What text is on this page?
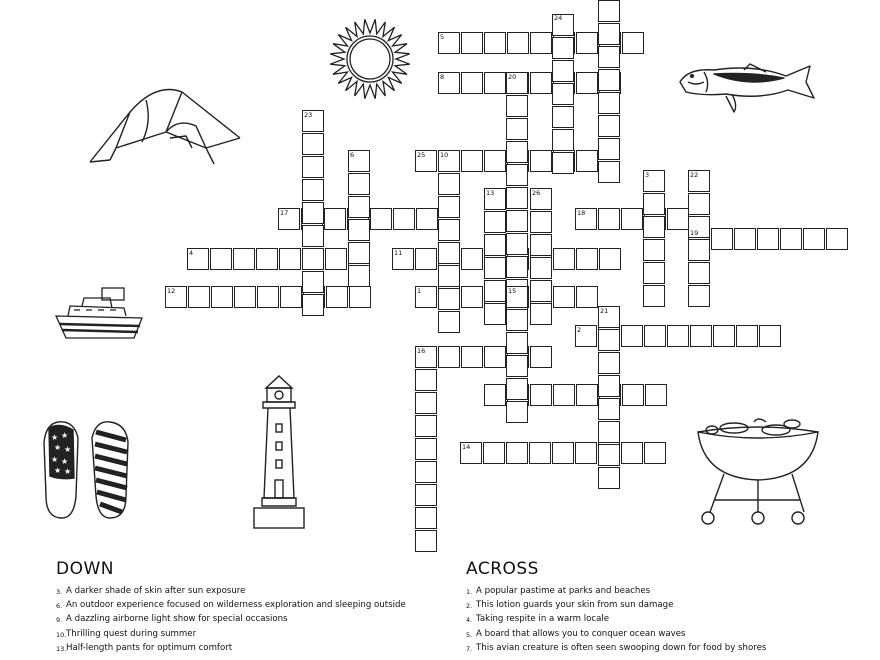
1
2
3
4
5
6
8
10
11
12
13
14
15
16
17	18
19
20
21
22
23
24
25
26
★ ★
★ ★
★ ★
★ ★
DOWN
3. A darker shade of skin after sun exposure
6. An outdoor experience focused on wilderness exploration and sleeping outside
9. A dazzling airborne light show for special occasions
10. Thrilling quest during summer
13. Half-length pants for optimum comfort
ACROSS
1. A popular pastime at parks and beaches
2. This lotion guards your skin from sun damage
4. Taking respite in a warm locale
5. A board that allows you to conquer ocean waves
7. This avian creature is often seen swooping down for food by shores
